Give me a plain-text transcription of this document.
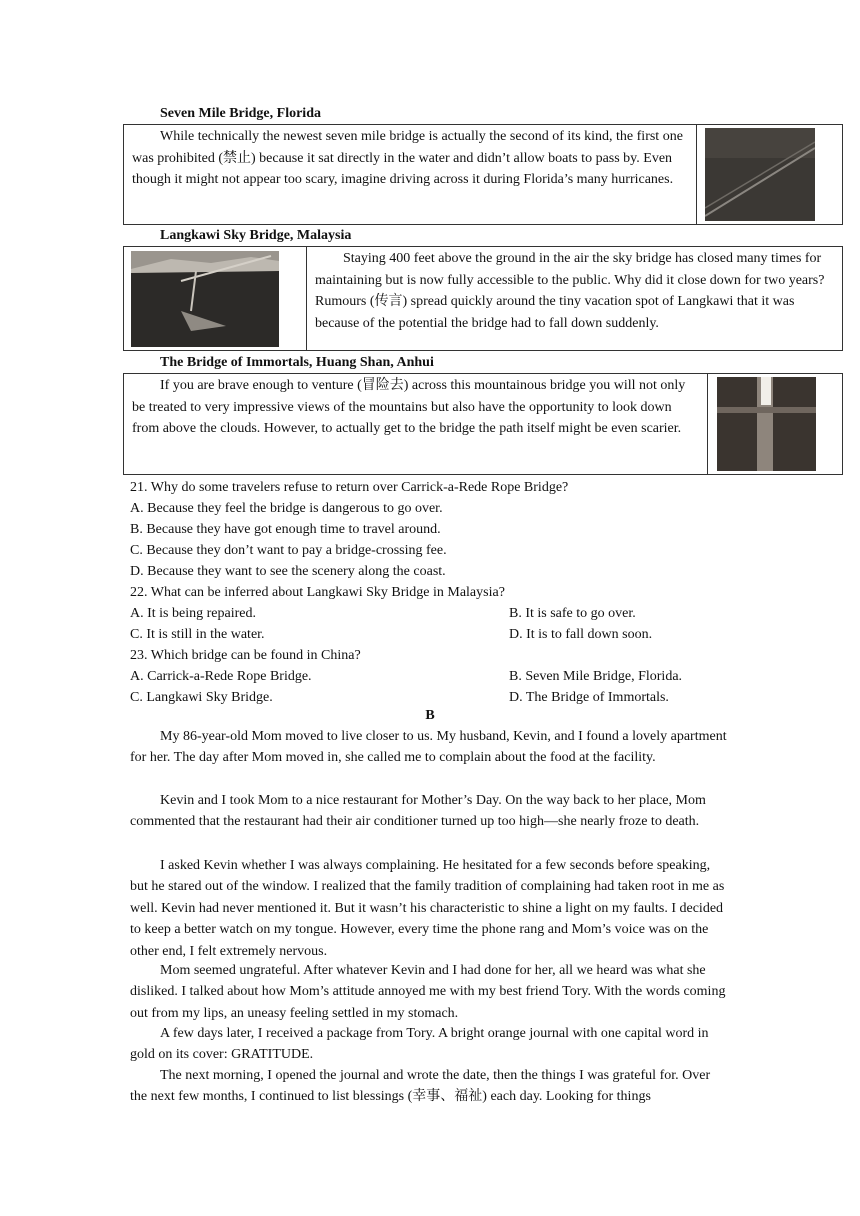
Seven Mile Bridge, Florida
While technically the newest seven mile bridge is actually the second of its kind, the first one was prohibited (禁止) because it sat directly in the water and didn’t allow boats to pass by. Even though it might not appear too scary, imagine driving across it during Florida’s many hurricanes.
Langkawi Sky Bridge, Malaysia
Staying 400 feet above the ground in the air the sky bridge has closed many times for maintaining but is now fully accessible to the public. Why did it close down for two years? Rumours (传言) spread quickly around the tiny vacation spot of Langkawi that it was because of the potential the bridge had to fall down suddenly.
The Bridge of Immortals, Huang Shan, Anhui
If you are brave enough to venture (冒险去) across this mountainous bridge you will not only be treated to very impressive views of the mountains but also have the opportunity to look down from above the clouds. However, to actually get to the bridge the path itself might be even scarier.
21. Why do some travelers refuse to return over Carrick-a-Rede Rope Bridge?
A. Because they feel the bridge is dangerous to go over.
B. Because they have got enough time to travel around.
C. Because they don’t want to pay a bridge-crossing fee.
D. Because they want to see the scenery along the coast.
22. What can be inferred about Langkawi Sky Bridge in Malaysia?
A. It is being repaired.	B. It is safe to go over.
C. It is still in the water.	D. It is to fall down soon.
23. Which bridge can be found in China?
A. Carrick-a-Rede Rope Bridge.	B. Seven Mile Bridge, Florida.
C. Langkawi Sky Bridge.	D. The Bridge of Immortals.
B
My 86-year-old Mom moved to live closer to us. My husband, Kevin, and I found a lovely apartment for her. The day after Mom moved in, she called me to complain about the food at the facility.
Kevin and I took Mom to a nice restaurant for Mother’s Day. On the way back to her place, Mom commented that the restaurant had their air conditioner turned up too high—she nearly froze to death.
I asked Kevin whether I was always complaining. He hesitated for a few seconds before speaking, but he stared out of the window. I realized that the family tradition of complaining had taken root in me as well. Kevin had never mentioned it. But it wasn’t his characteristic to shine a light on my faults. I decided to keep a better watch on my tongue. However, every time the phone rang and Mom’s voice was on the other end, I felt extremely nervous.
Mom seemed ungrateful. After whatever Kevin and I had done for her, all we heard was what she disliked. I talked about how Mom’s attitude annoyed me with my best friend Tory. With the words coming out from my lips, an uneasy feeling settled in my stomach.
A few days later, I received a package from Tory. A bright orange journal with one capital word in gold on its cover: GRATITUDE.
The next morning, I opened the journal and wrote the date, then the things I was grateful for. Over the next few months, I continued to list blessings (幸事、福祉) each day. Looking for things
